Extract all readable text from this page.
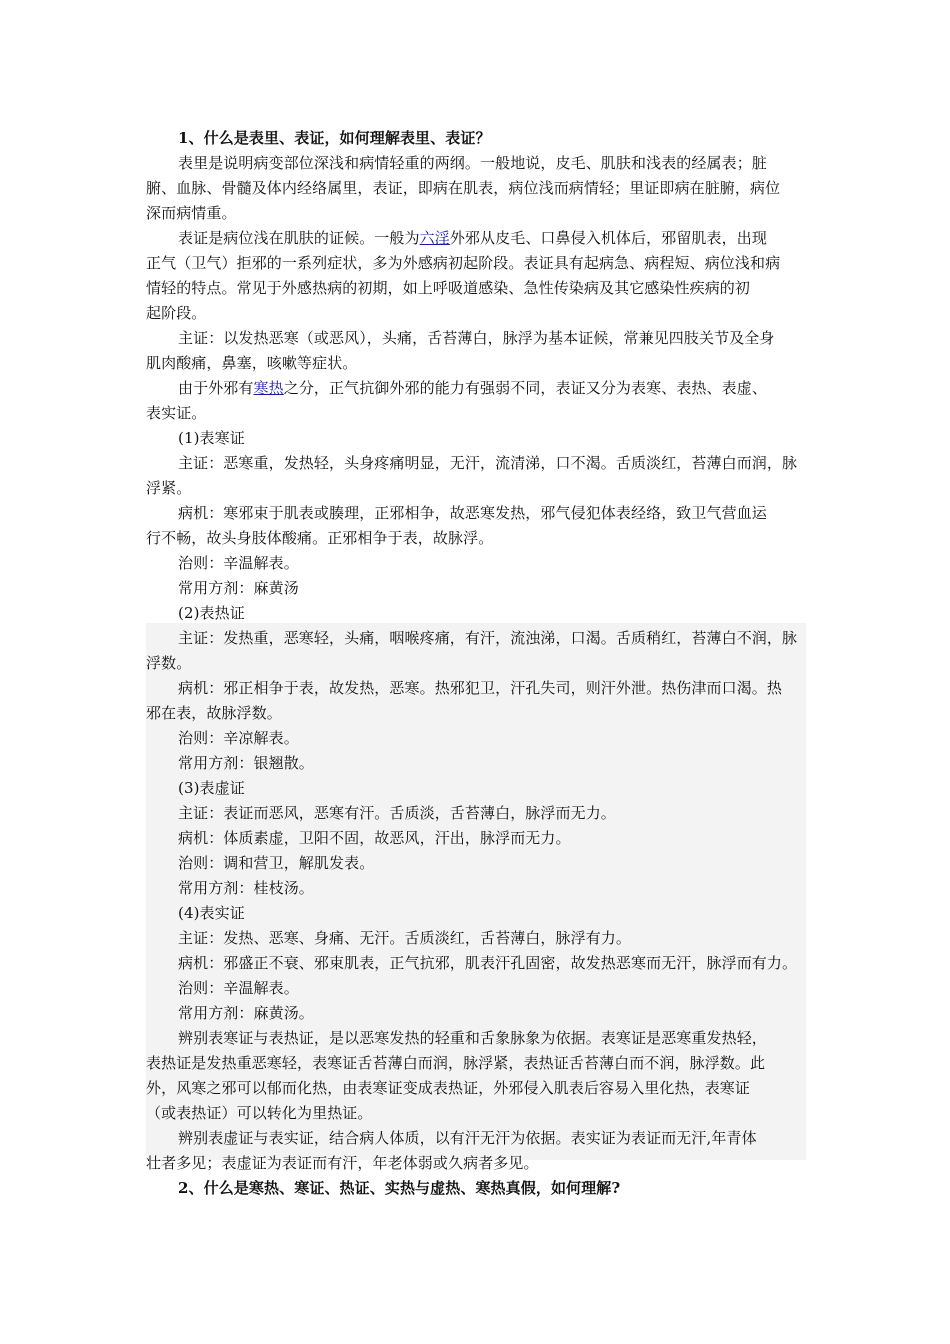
1、什么是表里、表证，如何理解表里、表证？
表里是说明病变部位深浅和病情轻重的两纲。一般地说，皮毛、肌肤和浅表的经属表；脏
腑、血脉、骨髓及体内经络属里，表证，即病在肌表，病位浅而病情轻；里证即病在脏腑，病位
深而病情重。
表证是病位浅在肌肤的证候。一般为六淫外邪从皮毛、口鼻侵入机体后，邪留肌表，出现
正气（卫气）拒邪的一系列症状，多为外感病初起阶段。表证具有起病急、病程短、病位浅和病
情轻的特点。常见于外感热病的初期，如上呼吸道感染、急性传染病及其它感染性疾病的初
起阶段。
主证：以发热恶寒（或恶风），头痛，舌苔薄白，脉浮为基本证候，常兼见四肢关节及全身
肌肉酸痛，鼻塞，咳嗽等症状。
由于外邪有寒热之分，正气抗御外邪的能力有强弱不同，表证又分为表寒、表热、表虚、
表实证。
(1)表寒证
主证：恶寒重，发热轻，头身疼痛明显，无汗，流清涕，口不渴。舌质淡红，苔薄白而润，脉
浮紧。
病机：寒邪束于肌表或腠理，正邪相争，故恶寒发热，邪气侵犯体表经络，致卫气营血运
行不畅，故头身肢体酸痛。正邪相争于表，故脉浮。
治则：辛温解表。
常用方剂：麻黄汤
(2)表热证
主证：发热重，恶寒轻，头痛，咽喉疼痛，有汗，流浊涕，口渴。舌质稍红，苔薄白不润，脉
浮数。
病机：邪正相争于表，故发热，恶寒。热邪犯卫，汗孔失司，则汗外泄。热伤津而口渴。热
邪在表，故脉浮数。
治则：辛凉解表。
常用方剂：银翘散。
(3)表虚证
主证：表证而恶风，恶寒有汗。舌质淡，舌苔薄白，脉浮而无力。
病机：体质素虚，卫阳不固，故恶风，汗出，脉浮而无力。
治则：调和营卫，解肌发表。
常用方剂：桂枝汤。
(4)表实证
主证：发热、恶寒、身痛、无汗。舌质淡红，舌苔薄白，脉浮有力。
病机：邪盛正不衰、邪束肌表，正气抗邪，肌表汗孔固密，故发热恶寒而无汗，脉浮而有力。
治则：辛温解表。
常用方剂：麻黄汤。
辨别表寒证与表热证，是以恶寒发热的轻重和舌象脉象为依据。表寒证是恶寒重发热轻，
表热证是发热重恶寒轻，表寒证舌苔薄白而润，脉浮紧，表热证舌苔薄白而不润，脉浮数。此
外，风寒之邪可以郁而化热，由表寒证变成表热证，外邪侵入肌表后容易入里化热，表寒证
（或表热证）可以转化为里热证。
辨别表虚证与表实证，结合病人体质，以有汗无汗为依据。表实证为表证而无汗,年青体
壮者多见；表虚证为表证而有汗，年老体弱或久病者多见。
2、什么是寒热、寒证、热证、实热与虚热、寒热真假，如何理解?
